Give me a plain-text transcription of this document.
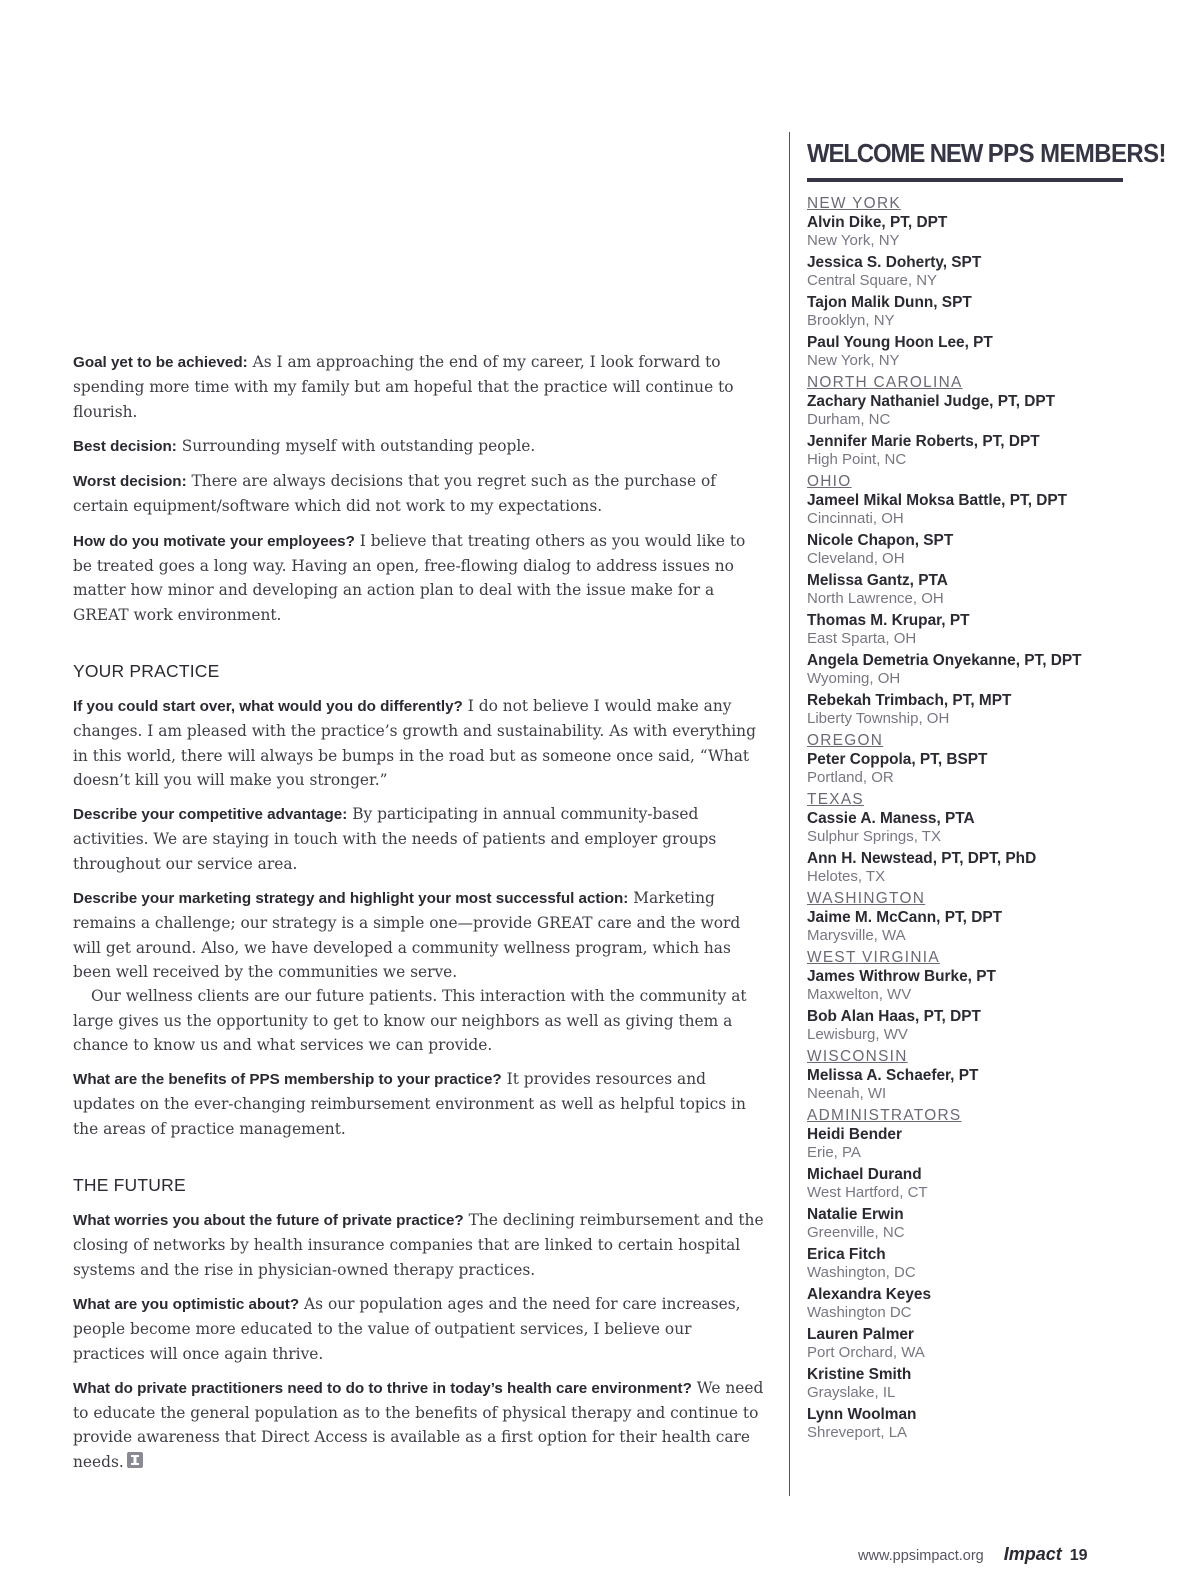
Goal yet to be achieved: As I am approaching the end of my career, I look forward to spending more time with my family but am hopeful that the practice will continue to flourish.

Best decision: Surrounding myself with outstanding people.

Worst decision: There are always decisions that you regret such as the purchase of certain equipment/software which did not work to my expectations.

How do you motivate your employees? I believe that treating others as you would like to be treated goes a long way. Having an open, free-flowing dialog to address issues no matter how minor and developing an action plan to deal with the issue make for a GREAT work environment.

YOUR PRACTICE

If you could start over, what would you do differently? I do not believe I would make any changes. I am pleased with the practice’s growth and sustainability. As with everything in this world, there will always be bumps in the road but as someone once said, “What doesn’t kill you will make you stronger.”

Describe your competitive advantage: By participating in annual community-based activities. We are staying in touch with the needs of patients and employer groups throughout our service area.

Describe your marketing strategy and highlight your most successful action: Marketing remains a challenge; our strategy is a simple one—provide GREAT care and the word will get around. Also, we have developed a community wellness program, which has been well received by the communities we serve.

Our wellness clients are our future patients. This interaction with the community at large gives us the opportunity to get to know our neighbors as well as giving them a chance to know us and what services we can provide.

What are the benefits of PPS membership to your practice? It provides resources and updates on the ever-changing reimbursement environment as well as helpful topics in the areas of practice management.

THE FUTURE

What worries you about the future of private practice? The declining reimbursement and the closing of networks by health insurance companies that are linked to certain hospital systems and the rise in physician-owned therapy practices.

What are you optimistic about? As our population ages and the need for care increases, people become more educated to the value of outpatient services, I believe our practices will once again thrive.

What do private practitioners need to do to thrive in today’s health care environment? We need to educate the general population as to the benefits of physical therapy and continue to provide awareness that Direct Access is available as a first option for their health care needs.

WELCOME NEW PPS MEMBERS!
NEW YORK
Alvin Dike, PT, DPT
New York, NY
Jessica S. Doherty, SPT
Central Square, NY
Tajon Malik Dunn, SPT
Brooklyn, NY
Paul Young Hoon Lee, PT
New York, NY
NORTH CAROLINA
Zachary Nathaniel Judge, PT, DPT
Durham, NC
Jennifer Marie Roberts, PT, DPT
High Point, NC
OHIO
Jameel Mikal Moksa Battle, PT, DPT
Cincinnati, OH
Nicole Chapon, SPT
Cleveland, OH
Melissa Gantz, PTA
North Lawrence, OH
Thomas M. Krupar, PT
East Sparta, OH
Angela Demetria Onyekanne, PT, DPT
Wyoming, OH
Rebekah Trimbach, PT, MPT
Liberty Township, OH
OREGON
Peter Coppola, PT, BSPT
Portland, OR
TEXAS
Cassie A. Maness, PTA
Sulphur Springs, TX
Ann H. Newstead, PT, DPT, PhD
Helotes, TX
WASHINGTON
Jaime M. McCann, PT, DPT
Marysville, WA
WEST VIRGINIA
James Withrow Burke, PT
Maxwelton, WV
Bob Alan Haas, PT, DPT
Lewisburg, WV
WISCONSIN
Melissa A. Schaefer, PT
Neenah, WI
ADMINISTRATORS
Heidi Bender
Erie, PA
Michael Durand
West Hartford, CT
Natalie Erwin
Greenville, NC
Erica Fitch
Washington, DC
Alexandra Keyes
Washington DC
Lauren Palmer
Port Orchard, WA
Kristine Smith
Grayslake, IL
Lynn Woolman
Shreveport, LA
www.ppsimpact.org Impact 19
